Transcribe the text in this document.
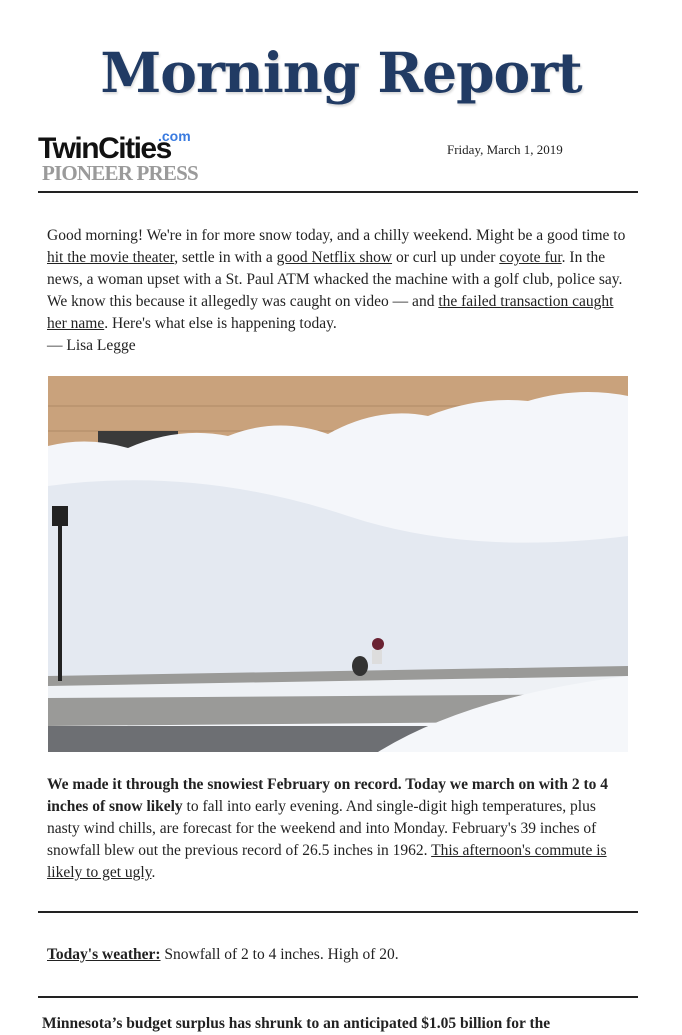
Morning Report
.com
TwinCities
PIONEER PRESS
Friday, March 1, 2019
Good morning! We're in for more snow today, and a chilly weekend. Might be a good time to hit the movie theater, settle in with a good Netflix show or curl up under coyote fur. In the news, a woman upset with a St. Paul ATM whacked the machine with a golf club, police say. We know this because it allegedly was caught on video — and the failed transaction caught her name. Here's what else is happening today.
— Lisa Legge
We made it through the snowiest February on record. Today we march on with 2 to 4 inches of snow likely to fall into early evening. And single-digit high temperatures, plus nasty wind chills, are forecast for the weekend and into Monday. February's 39 inches of snowfall blew out the previous record of 26.5 inches in 1962. This afternoon's commute is likely to get ugly.
Today's weather: Snowfall of 2 to 4 inches. High of 20.
Minnesota’s budget surplus has shrunk to an anticipated $1.05 billion for the
